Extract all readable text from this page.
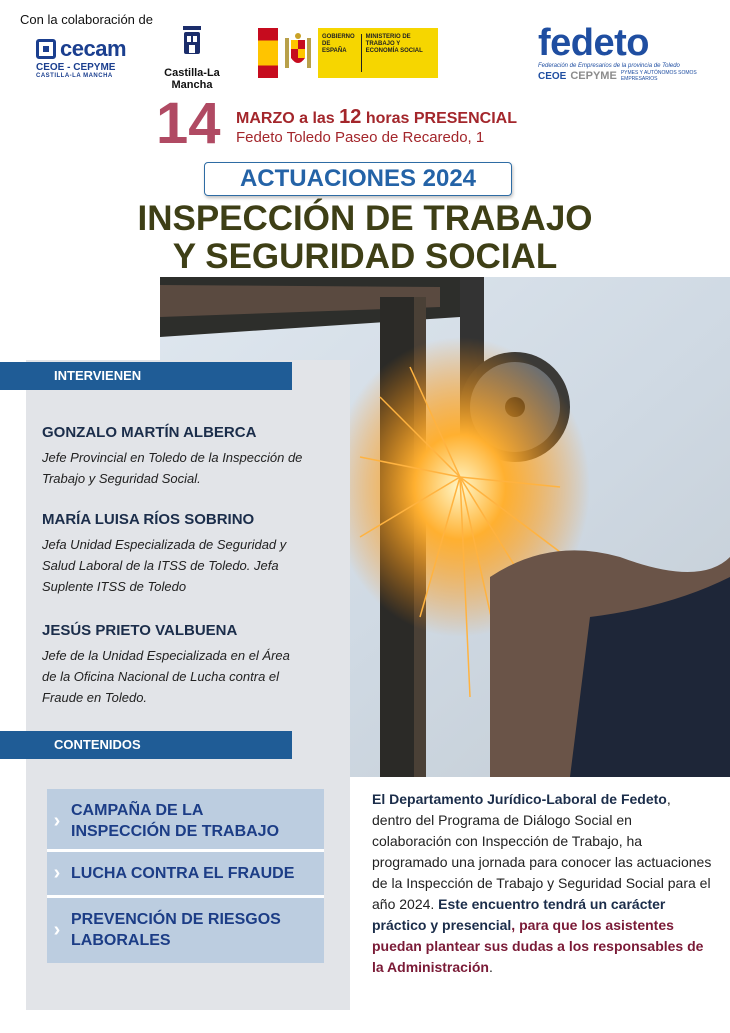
Con la colaboración de
cecam
CEOE - CEPYME
CASTILLA-LA MANCHA	Castilla-La Mancha
GOBIERNO DE ESPAÑA
MINISTERIO DE TRABAJO Y ECONOMÍA SOCIAL	fedeto
Federación de Empresarios de la provincia de Toledo
CEOE CEPYME PYMES Y AUTÓNOMOS SOMOS EMPRESARIOS
14 MARZO a las 12 horas PRESENCIAL
Fedeto Toledo Paseo de Recaredo, 1
ACTUACIONES 2024
INSPECCIÓN DE TRABAJO
Y SEGURIDAD SOCIAL
INTERVIENEN
GONZALO MARTÍN ALBERCA
Jefe Provincial en Toledo de la Inspección de
Trabajo y Seguridad Social.
MARÍA LUISA RÍOS SOBRINO
Jefa Unidad Especializada de Seguridad y
Salud Laboral de la ITSS de Toledo. Jefa
Suplente ITSS de Toledo
JESÚS PRIETO VALBUENA
Jefe de la Unidad Especializada en el Área
de la Oficina Nacional de Lucha contra el
Fraude en Toledo.
CONTENIDOS
› CAMPAÑA DE LA
INSPECCIÓN DE TRABAJO
› LUCHA CONTRA EL FRAUDE
› PREVENCIÓN DE RIESGOS
LABORALES
El Departamento Jurídico-Laboral de Fedeto, dentro del Programa de Diálogo Social en colaboración con Inspección de Trabajo, ha programado una jornada para conocer las actuaciones de la Inspección de Trabajo y Seguridad Social para el año 2024. Este encuentro tendrá un carácter práctico y presencial, para que los asistentes puedan plantear sus dudas a los responsables de la Administración.
